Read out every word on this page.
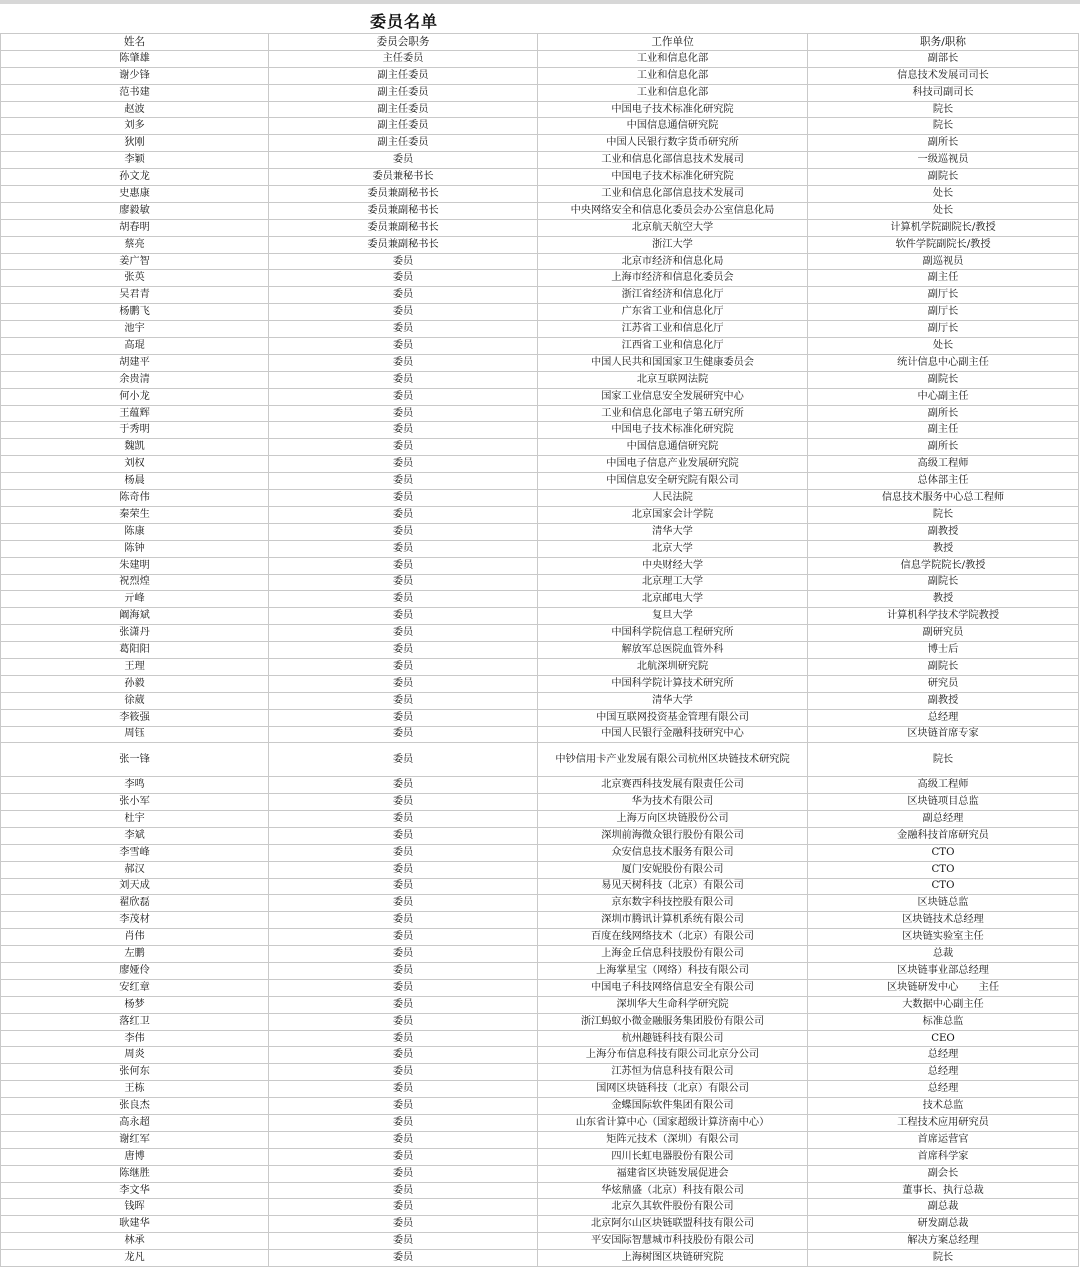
委员名单
姓名	委员会职务	工作单位	职务/职称
陈肇雄	主任委员	工业和信息化部	副部长
谢少锋	副主任委员	工业和信息化部	信息技术发展司司长
范书建	副主任委员	工业和信息化部	科技司副司长
赵波	副主任委员	中国电子技术标准化研究院	院长
刘多	副主任委员	中国信息通信研究院	院长
狄刚	副主任委员	中国人民银行数字货币研究所	副所长
李颖	委员	工业和信息化部信息技术发展司	一级巡视员
孙文龙	委员兼秘书长	中国电子技术标准化研究院	副院长
史惠康	委员兼副秘书长	工业和信息化部信息技术发展司	处长
廖毅敏	委员兼副秘书长	中央网络安全和信息化委员会办公室信息化局	处长
胡春明	委员兼副秘书长	北京航天航空大学	计算机学院副院长/教授
蔡亮	委员兼副秘书长	浙江大学	软件学院副院长/教授
姜广智	委员	北京市经济和信息化局	副巡视员
张英	委员	上海市经济和信息化委员会	副主任
吴君青	委员	浙江省经济和信息化厅	副厅长
杨鹏飞	委员	广东省工业和信息化厅	副厅长
池宇	委员	江苏省工业和信息化厅	副厅长
高琨	委员	江西省工业和信息化厅	处长
胡建平	委员	中国人民共和国国家卫生健康委员会	统计信息中心副主任
余贵清	委员	北京互联网法院	副院长
何小龙	委员	国家工业信息安全发展研究中心	中心副主任
王蕴辉	委员	工业和信息化部电子第五研究所	副所长
于秀明	委员	中国电子技术标准化研究院	副主任
魏凯	委员	中国信息通信研究院	副所长
刘权	委员	中国电子信息产业发展研究院	高级工程师
杨晨	委员	中国信息安全研究院有限公司	总体部主任
陈奇伟	委员	人民法院	信息技术服务中心总工程师
秦荣生	委员	北京国家会计学院	院长
陈康	委员	清华大学	副教授
陈钟	委员	北京大学	教授
朱建明	委员	中央财经大学	信息学院院长/教授
祝烈煌	委员	北京理工大学	副院长
亓峰	委员	北京邮电大学	教授
阚海斌	委员	复旦大学	计算机科学技术学院教授
张潇丹	委员	中国科学院信息工程研究所	副研究员
葛阳阳	委员	解放军总医院血管外科	博士后
王理	委员	北航深圳研究院	副院长
孙毅	委员	中国科学院计算技术研究所	研究员
徐葳	委员	清华大学	副教授
李筱强	委员	中国互联网投资基金管理有限公司	总经理
周钰	委员	中国人民银行金融科技研究中心	区块链首席专家
张一锋	委员	中钞信用卡产业发展有限公司杭州区块链技术研究院	院长
李鸣	委员	北京赛西科技发展有限责任公司	高级工程师
张小军	委员	华为技术有限公司	区块链项目总监
杜宇	委员	上海万向区块链股份公司	副总经理
李斌	委员	深圳前海微众银行股份有限公司	金融科技首席研究员
李雪峰	委员	众安信息技术服务有限公司	CTO
郝汉	委员	厦门安妮股份有限公司	CTO
刘天成	委员	易见天树科技（北京）有限公司	CTO
翟欣磊	委员	京东数字科技控股有限公司	区块链总监
李茂材	委员	深圳市腾讯计算机系统有限公司	区块链技术总经理
肖伟	委员	百度在线网络技术（北京）有限公司	区块链实验室主任
左鹏	委员	上海金丘信息科技股份有限公司	总裁
廖娅伶	委员	上海掌星宝（网络）科技有限公司	区块链事业部总经理
安红章	委员	中国电子科技网络信息安全有限公司	区块链研发中心　　主任
杨梦	委员	深圳华大生命科学研究院	大数据中心副主任
落红卫	委员	浙江蚂蚁小微金融服务集团股份有限公司	标准总监
李伟	委员	杭州趣链科技有限公司	CEO
周炎	委员	上海分布信息科技有限公司北京分公司	总经理
张何东	委员	江苏恒为信息科技有限公司	总经理
王栋	委员	国网区块链科技（北京）有限公司	总经理
张良杰	委员	金蝶国际软件集团有限公司	技术总监
高永超	委员	山东省计算中心（国家超级计算济南中心）	工程技术应用研究员
谢红军	委员	矩阵元技术（深圳）有限公司	首席运营官
唐博	委员	四川长虹电器股份有限公司	首席科学家
陈继胜	委员	福建省区块链发展促进会	副会长
李文华	委员	华炫鼎盛（北京）科技有限公司	董事长、执行总裁
钱晖	委员	北京久其软件股份有限公司	副总裁
耿建华	委员	北京阿尔山区块链联盟科技有限公司	研发副总裁
林承	委员	平安国际智慧城市科技股份有限公司	解决方案总经理
龙凡	委员	上海树图区块链研究院	院长
